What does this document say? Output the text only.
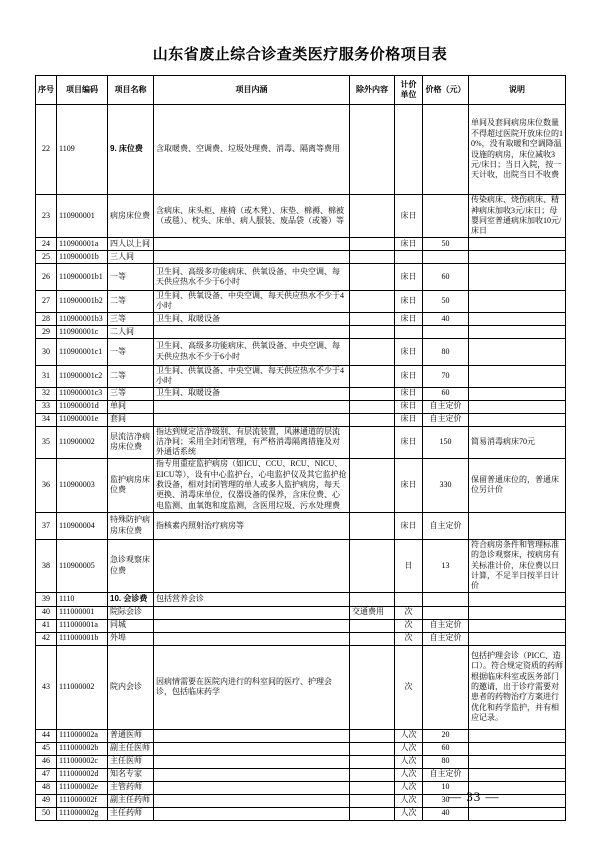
山东省废止综合诊查类医疗服务价格项目表
序号	项目编码	项目名称	项目内涵	除外内容	计价单位	价格（元）	说明
22	1109	9. 床位费	含取暖费、空调费、垃圾处理费、消毒、隔离等费用				单间及套间病房床位数量不得超过医院开放床位的10%，没有取暖和空调降温设施的病房，床位减收3元/床日；当日入院，按一天计收，出院当日不收费
23	110900001	病房床位费	含病床、床头柜、座椅（或木凳）、床垫、棉褥、棉被（或毯）、枕头、床单、病人服装、废品袋（或篓）等		床日		传染病床、烧伤病床、精神病床加收3元/床日；母婴同室普通病床加收10元/床日
24	110900001a	四人以上间			床日	50	
25	110900001b	三人间					
26	110900001b1	一等	卫生间、高级多功能病床、供氧设备、中央空调、每天供应热水不少于6小时		床日	60	
27	110900001b2	二等	卫生间、供氧设备、中央空调、每天供应热水不少于4小时		床日	50	
28	110900001b3	三等	卫生间、取暖设备		床日	40	
29	110900001c	二人间					
30	110900001c1	一等	卫生间、高级多功能病床、供氧设备、中央空调、每天供应热水不少于6小时		床日	80	
31	110900001c2	二等	卫生间、供氧设备、中央空调、每天供应热水不少于4小时		床日	70	
32	110900001c3	三等	卫生间、取暖设备		床日	60	
33	110900001d	单间			床日	自主定价	
34	110900001e	套间			床日	自主定价	
35	110900002	层流洁净病房床位费	指达到规定洁净级别、有层流装置，风淋通道的层流洁净间；采用全封闭管理，有严格消毒隔离措施及对外通话系统		床日	150	简易消毒病床70元
36	110900003	监护病房床位费	指专用重症监护病房（如ICU、CCU、RCU、NICU、EICU等），设有中心监护台，心电监护仪及其它监护抢救设备，相对封闭管理的单人或多人监护病房，每天更换、消毒床单位，仪器设备的保养，含床位费、心电监测、血氧饱和度监测，含医用垃圾、污水处理费		床日	330	保留普通床位的，普通床位另计价
37	110900004	特殊防护病房床位费	指核素内照射治疗病房等		床日	自主定价	
38	110900005	急诊观察床位费			日	13	符合病房条件和管理标准的急诊观察床，按病房有关标准计价，床位费以日计算，不足半日按半日计价
39	1110	10. 会诊费	包括营养会诊				
40	111000001	院际会诊		交通费用	次		
41	111000001a	同城			次	自主定价	
42	111000001b	外埠			次	自主定价	
43	111000002	院内会诊	因病情需要在医院内进行的科室间的医疗、护理会诊，包括临床药学		次		包括护理会诊（PICC、造口）。符合规定资质的药师根据临床科室或医务部门的邀请，出于诊疗需要对患者的药物治疗方案进行优化和药学监护，并有相应记录。
44	111000002a	普通医师			人次	20	
45	111000002b	副主任医师			人次	60	
46	111000002c	主任医师			人次	80	
47	111000002d	知名专家			人次	自主定价	
48	111000002e	主管药师			人次	10	
49	111000002f	副主任药师			人次	30	
50	111000002g	主任药师			人次	40	
— 33 —
